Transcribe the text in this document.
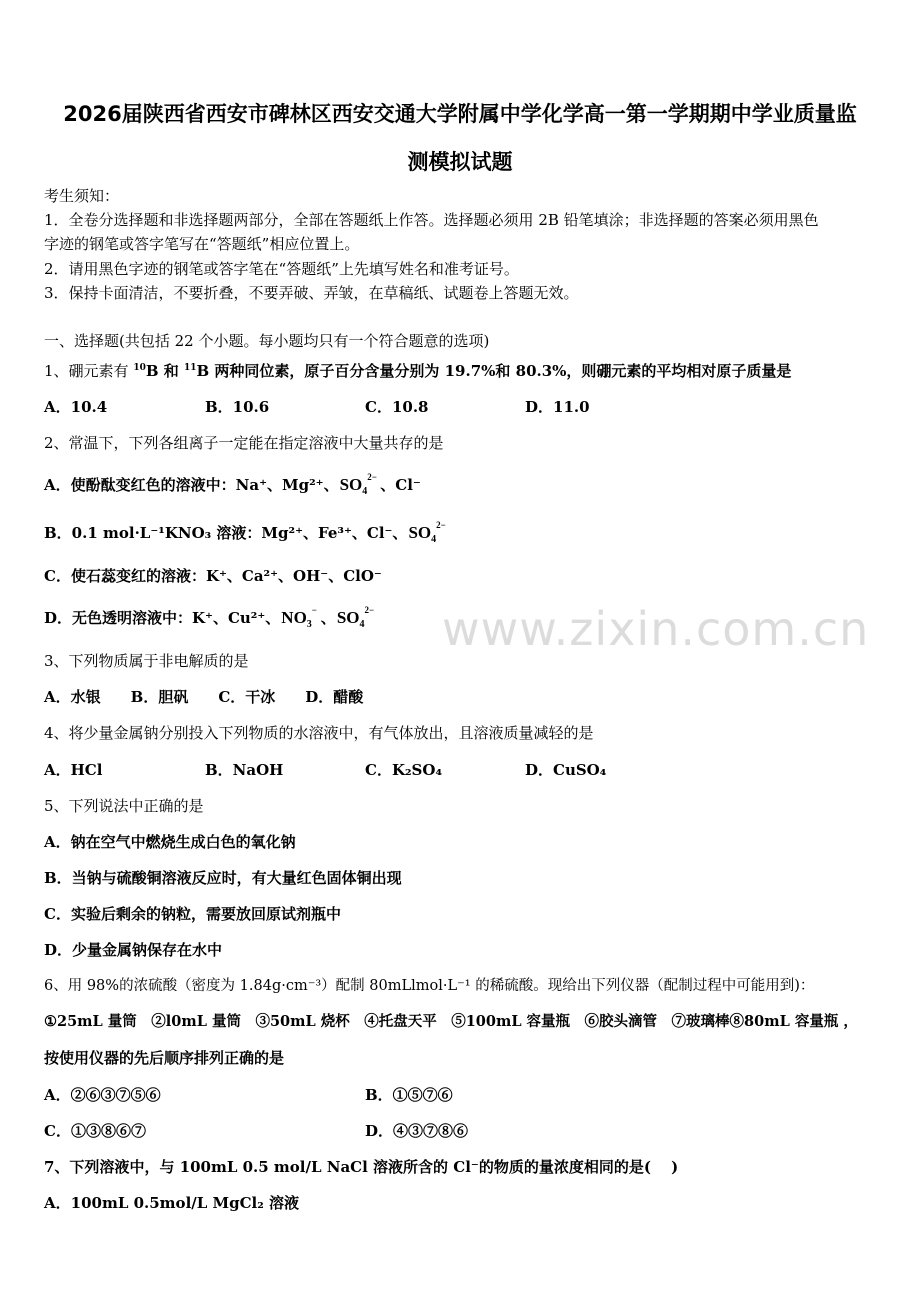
www.zixin.com.cn
2026届陕西省西安市碑林区西安交通大学附属中学化学高一第一学期期中学业质量监
测模拟试题
考生须知：
1．全卷分选择题和非选择题两部分，全部在答题纸上作答。选择题必须用 2B 铅笔填涂；非选择题的答案必须用黑色
字迹的钢笔或答字笔写在“答题纸”相应位置上。
2．请用黑色字迹的钢笔或答字笔在“答题纸”上先填写姓名和准考证号。
3．保持卡面清洁，不要折叠，不要弄破、弄皱，在草稿纸、试题卷上答题无效。
一、选择题(共包括 22 个小题。每小题均只有一个符合题意的选项)
1、硼元素有 $^{10}$B 和 $^{11}$B 两种同位素，原子百分含量分别为 19.7%和 80.3%，则硼元素的平均相对原子质量是
A．10.4	B．10.6	C．10.8	D．11.0
2、常温下，下列各组离子一定能在指定溶液中大量共存的是
A．使酚酞变红色的溶液中：Na⁺、Mg²⁺、$SO_4$
2− 、Cl⁻
B．0.1 mol·L⁻¹KNO₃ 溶液：Mg²⁺、Fe³⁺、Cl⁻、$SO_4$
2−
C．使石蕊变红的溶液：K⁺、Ca²⁺、OH⁻、ClO⁻
D．无色透明溶液中：K⁺、Cu²⁺、$NO_3$
− 、$SO_4$
2−
3、下列物质属于非电解质的是
A．水银　　B．胆矾　　C．干冰　　D．醋酸
4、将少量金属钠分别投入下列物质的水溶液中，有气体放出，且溶液质量减轻的是
A．HCl	B．NaOH	C．K₂SO₄	D．CuSO₄
5、下列说法中正确的是
A．钠在空气中燃烧生成白色的氧化钠
B．当钠与硫酸铜溶液反应时，有大量红色固体铜出现
C．实验后剩余的钠粒，需要放回原试剂瓶中
D．少量金属钠保存在水中
6、用 98%的浓硫酸（密度为 1.84g·cm⁻³）配制 80mLlmol·L⁻¹ 的稀硫酸。现给出下列仪器（配制过程中可能用到)：
①25mL 量筒　②l0mL 量筒　③50mL 烧杯　④托盘天平　⑤100mL 容量瓶　⑥胶头滴管　⑦玻璃棒⑧80mL 容量瓶 ，
按使用仪器的先后顺序排列正确的是
A．②⑥③⑦⑤⑥	B．①⑤⑦⑥
C．①③⑧⑥⑦	D．④③⑦⑧⑥
7、下列溶液中，与 100mL 0.5 mol/L NaCl 溶液所含的 Cl⁻的物质的量浓度相同的是(　 )
A．100mL 0.5mol/L MgCl₂ 溶液
